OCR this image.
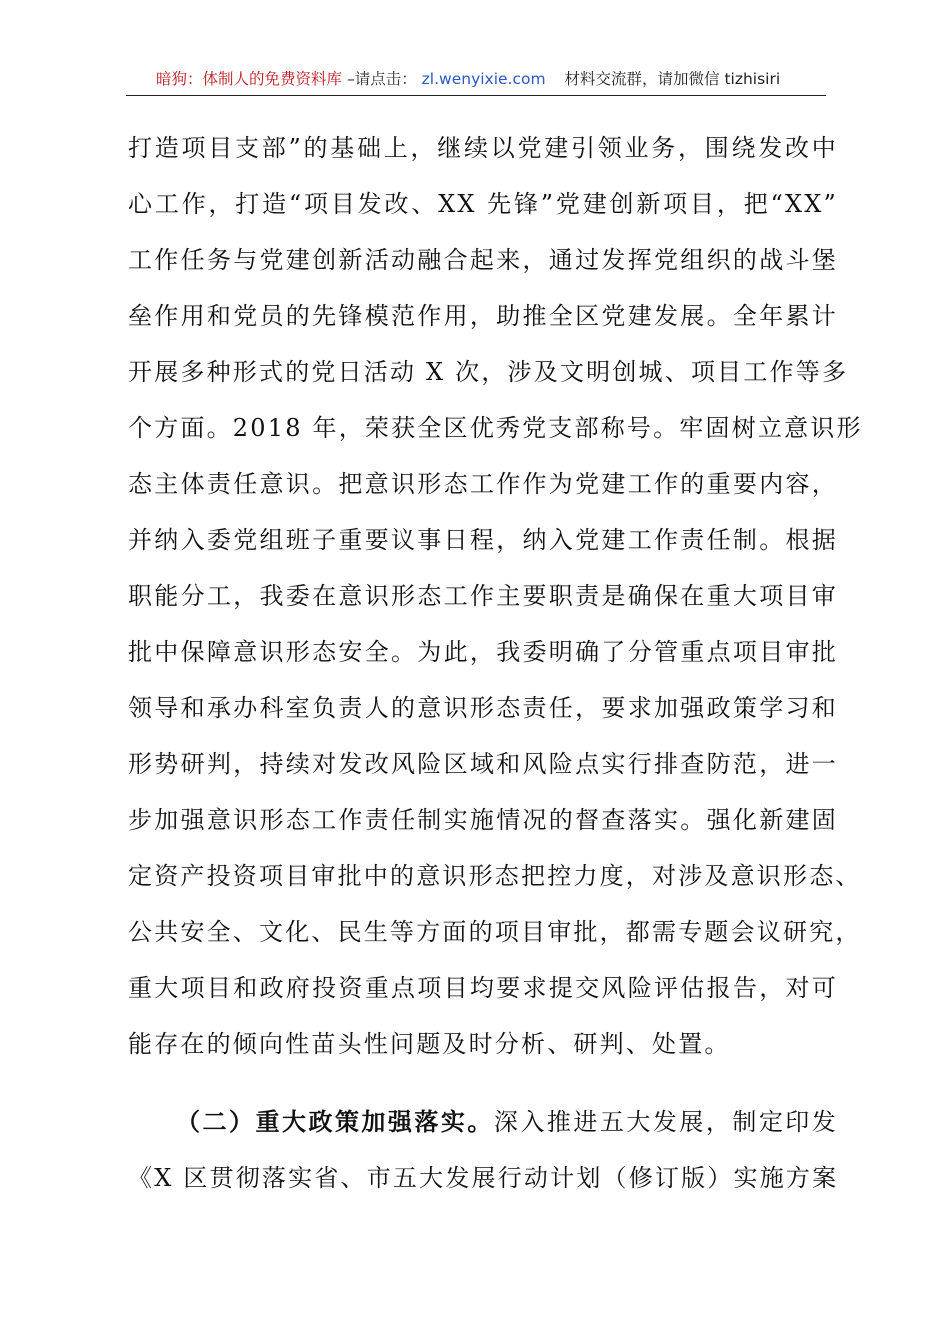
暗狗：体制人的免费资料库 –请点击： zl.wenyixie.com 材料交流群，请加微信 tizhisiri
打造项目支部”的基础上，继续以党建引领业务，围绕发改中
心工作，打造“项目发改、XX 先锋”党建创新项目，把“XX”
工作任务与党建创新活动融合起来，通过发挥党组织的战斗堡
垒作用和党员的先锋模范作用，助推全区党建发展。全年累计
开展多种形式的党日活动 X 次，涉及文明创城、项目工作等多
个方面。2018 年，荣获全区优秀党支部称号。牢固树立意识形
态主体责任意识。把意识形态工作作为党建工作的重要内容，
并纳入委党组班子重要议事日程，纳入党建工作责任制。根据
职能分工，我委在意识形态工作主要职责是确保在重大项目审
批中保障意识形态安全。为此，我委明确了分管重点项目审批
领导和承办科室负责人的意识形态责任，要求加强政策学习和
形势研判，持续对发改风险区域和风险点实行排查防范，进一
步加强意识形态工作责任制实施情况的督查落实。强化新建固
定资产投资项目审批中的意识形态把控力度，对涉及意识形态、
公共安全、文化、民生等方面的项目审批，都需专题会议研究，
重大项目和政府投资重点项目均要求提交风险评估报告，对可
能存在的倾向性苗头性问题及时分析、研判、处置。
（二）重大政策加强落实。深入推进五大发展，制定印发
《X 区贯彻落实省、市五大发展行动计划（修订版）实施方案
